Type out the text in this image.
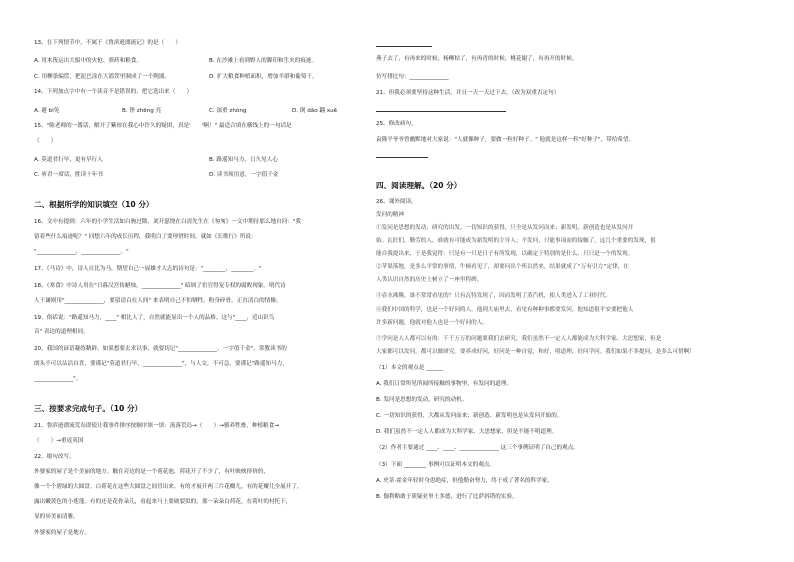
13、在下列情节中，不属于《鲁滨逊漂流记》的是（　　）
A. 用木筏运出大船中的火枪、弹药和粮食。	B. 在沙滩上看到野人的脚印和生火的痕迹。
C. 用柳条编筐，把泥巴涂在大篮筐里制成了一个陶器。	D. 扩大粮食种植面积，增加羊群和葡萄干。
14、下列加点字中有一个读音不是错误的，把它选出来（　　）
A. 避 bì免	B. 铮 zhēng 亮	C. 深重 zhòng	D. 倒 dǎo 翻 xuě
15、"陈老师的一番话，解开了紫琼在我心中许久的疑团，真是'　　'啊！" 最适合填在横线上的一句话是
（　　）
A. 莫道君行早，更有早行人	B. 路遥知马力，日久见人心
C. 听君一席话，胜读十年书	D. 读书须用意，一字值千金
二、根据所学的知识填空（10 分）
16、文中有提到：六年的小学生活如白驹过隙，刘开瑟饶在白清先生在《匆匆》一文中期待那么地自问："我
留着些什么痕迹呢？" 回想六年的成长历程，我明白了要珍惜时间，就如《长歌行》所说：
"______________，______________。"
17、《马诗》中，诗人自比为马，期望自己一展雄才大志的诗句是："________，________。"
18、《寒食》中诗人用在"日暮汉宫传蜡烛，______________" 暗讽了宦官得宠专权的腐败现象。明代诗
人于谦则用"______________，要留清白在人间" 来表明自己不怕牺牲，粉身碎骨，正直清白的情操。
19、俗话说："路遥知马力，____" 相比人了，自然就能显出一个人的品格。这与"____，近山识鸟
音" 表达的道理相同。
20、我国的谚语凝练精辟，如果想要去求以事，就要切记"______________，一字值千金"。常教读书的
朗头不可以沾沾自喜，要谨记"莫道君行早，______________"，与人交，不可急，要谨记"路遥知马力，
______________"。
三、按要求完成句子。（10 分）
21、鲁滨逊漂流荒岛即使让我事件排序按顺序填一填：流落荒岛→（　　）→驯养牲畜，种植粮食→
（　　）→重返英国
22、缩句改写。
外婆家的屋子是个美丽的地方。触在旁边的是一个荷花池，荷花开了不少了，有叶映映挤挤的，
像一个个碧绿的大圆盘。白荷花在这些大圆盘之间冒出来。有的才展开两三片花瓣儿，有的花瓣儿全展开了，
露出嫩黄色的小莲蓬。有的还是花骨朵儿，看起来马上要破裂似的。那一朵朵白荷花，在荷叶的衬托下，
显的异美丽清雅。
外婆家的屋子是地方。
燕子去了，有再来的时候；杨柳枯了，有再青的时候；桃花谢了，有再开的时候。
仿写排比句：______________
21、但我必须要坚持这种生活，并且一天一天过下去。（改为双重否定句）
25、修改病句。
袁隆平爷爷曾幽默地对大家说："人就像种子，要做一粒好种子。" 他就是这样一粒"好种子"，带给希望。
四、阅读理解。（20 分）
26、课外阅读。
发问的精神
①发问是思想的发动，研究的出发。一切知识的获得，只全是从发问而来；新发明、新创造也是从发问开
始。瓦匠们，勤劳的人，谁就有可能成为新发明的主导人；不发问，只能事项而的接触了，这几个重要的发现，很
能自我提出来，于是我觉得：只是有一只是日子有所发现，以确定于特别的是什么，只只是一个的发现。
②苹果落地，是多么平常的事情，牛顿看见了，却要问出个所以然来，结果就成了"万有引力"定律，在
人类认识自然的历史上树立了一座里程碑。
③壶水沸腾，谁不常常看见的？只有瓦特发现了，因而发明了蒸汽机，使人类进入了工业时代。
④我们中国的科学，也是一个好问的人。他到大庙里去，看见有种种事都要发问。他知道很平安要把他人
许多新问题，他就对他人也是一个好问的人。
⑤学问是人人都可以有的：千千万万的问题要我们去研究，我们虽然不一定人人都能成为大科学家、大思想家，但是
大家都可以发问，都可以做研究。要养成好问，好问是一种自觉，和好，明道理，好问学问。我们如果不多提问，是多么可惜啊！
（1）本文的观点是 ______
A. 我们日常所见所闻所接触的事物里，有发问的道理。
B. 发问是思想的发动，研究的动机。
C. 一切知识的获得，大都从发问而来；新创造、新发明也是从发问开始的。
D. 我们虽然不一定人人都成为大科学家、大思想家，但是不能不明道理。
（2）作者主要通过 ____、____、______________ 这三个事例证明了自己的观点。
（3）下面 ________ 事例可以证明本文的观点。
A. 史蒂·霍金年轻时身患绝症，但他勤奋努力，终于成了著名的科学家。
B. 伽利略敢于质疑亚里士多德，进行了比萨斜塔的实验。
